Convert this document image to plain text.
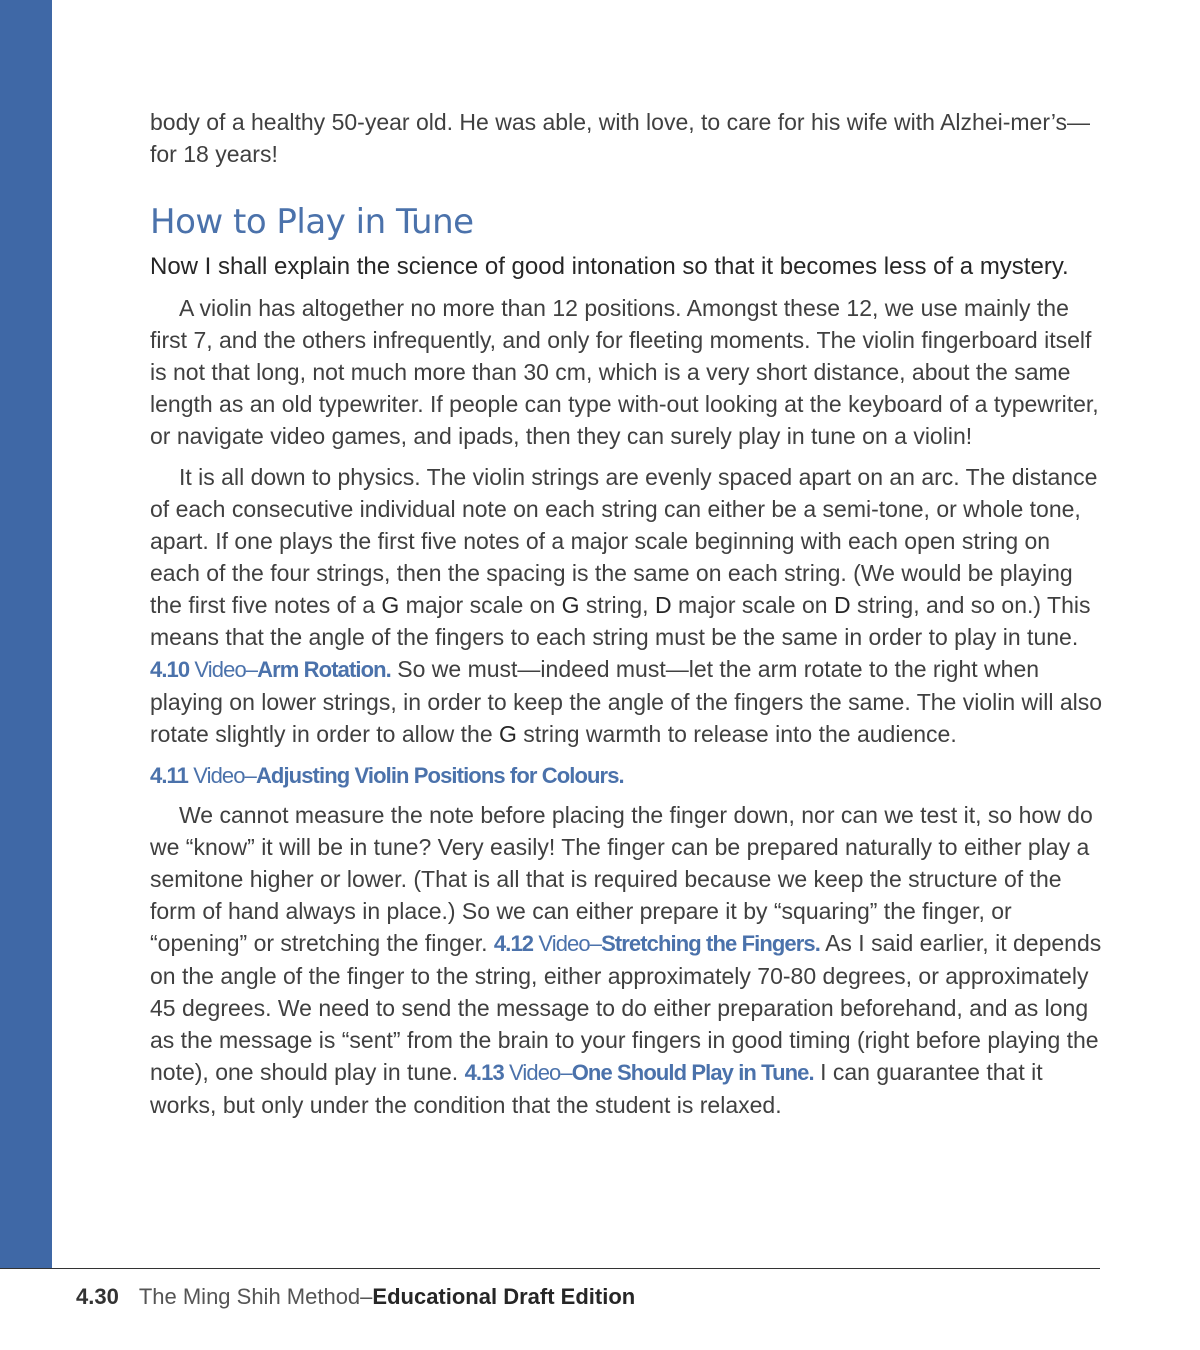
body of a healthy 50-year old. He was able, with love, to care for his wife with Alzhei-mer’s—for 18 years!

How to Play in Tune

Now I shall explain the science of good intonation so that it becomes less of a mystery.

A violin has altogether no more than 12 positions. Amongst these 12, we use mainly the first 7, and the others infrequently, and only for fleeting moments. The violin fingerboard itself is not that long, not much more than 30 cm, which is a very short distance, about the same length as an old typewriter. If people can type with-out looking at the keyboard of a typewriter, or navigate video games, and ipads, then they can surely play in tune on a violin!

It is all down to physics. The violin strings are evenly spaced apart on an arc. The distance of each consecutive individual note on each string can either be a semi-tone, or whole tone, apart. If one plays the first five notes of a major scale beginning with each open string on each of the four strings, then the spacing is the same on each string. (We would be playing the first five notes of a G major scale on G string, D major scale on D string, and so on.) This means that the angle of the fingers to each string must be the same in order to play in tune. 4.10 Video–Arm Rotation. So we must—indeed must—let the arm rotate to the right when playing on lower strings, in order to keep the angle of the fingers the same. The violin will also rotate slightly in order to allow the G string warmth to release into the audience.

4.11 Video–Adjusting Violin Positions for Colours.

We cannot measure the note before placing the finger down, nor can we test it, so how do we “know” it will be in tune? Very easily! The finger can be prepared naturally to either play a semitone higher or lower. (That is all that is required because we keep the structure of the form of hand always in place.) So we can either prepare it by “squaring” the finger, or “opening” or stretching the finger. 4.12 Video–Stretching the Fingers. As I said earlier, it depends on the angle of the finger to the string, either approximately 70-80 degrees, or approximately 45 degrees. We need to send the message to do either preparation beforehand, and as long as the message is “sent” from the brain to your fingers in good timing (right before playing the note), one should play in tune. 4.13 Video–One Should Play in Tune. I can guarantee that it works, but only under the condition that the student is relaxed.

4.30 The Ming Shih Method–Educational Draft Edition
